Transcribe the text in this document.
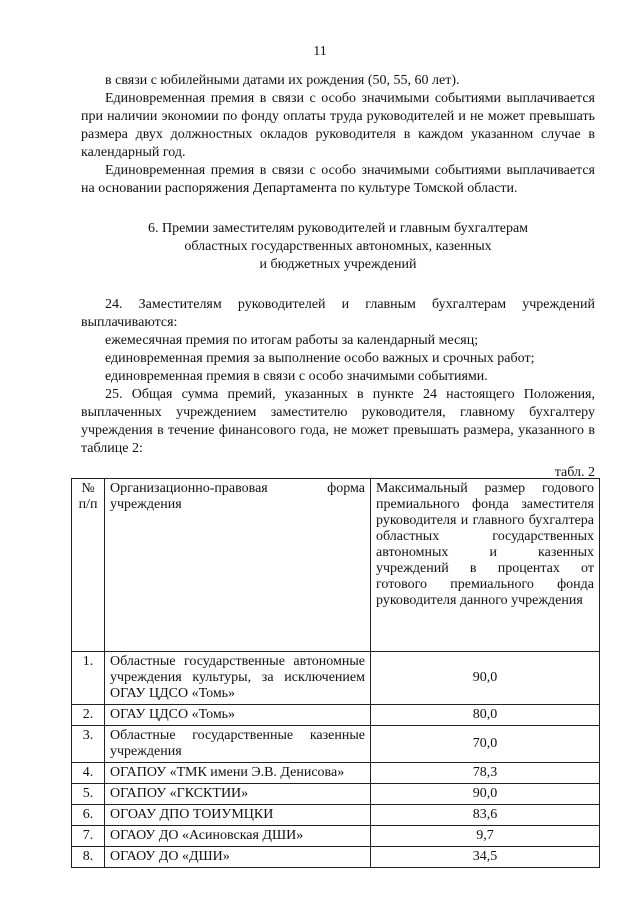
11

в связи с юбилейными датами их рождения (50, 55, 60 лет).

Единовременная премия в связи с особо значимыми событиями выплачивается при наличии экономии по фонду оплаты труда руководителей и не может превышать размера двух должностных окладов руководителя в каждом указанном случае в календарный год.

Единовременная премия в связи с особо значимыми событиями выплачивается на основании распоряжения Департамента по культуре Томской области.

6. Премии заместителям руководителей и главным бухгалтерам

областных государственных автономных, казенных

и бюджетных учреждений

24. Заместителям руководителей и главным бухгалтерам учреждений выплачиваются:

ежемесячная премия по итогам работы за календарный месяц;

единовременная премия за выполнение особо важных и срочных работ;

единовременная премия в связи с особо значимыми событиями.

25. Общая сумма премий, указанных в пункте 24 настоящего Положения, выплаченных учреждением заместителю руководителя, главному бухгалтеру учреждения в течение финансового года, не может превышать размера, указанного в таблице 2:

табл. 2

№ п/п	Организационно-правовая форма учреждения	Максимальный размер годового премиального фонда заместителя руководителя и главного бухгалтера областных государственных автономных и казенных учреждений в процентах от готового премиального фонда руководителя данного учреждения
1.	Областные государственные автономные учреждения культуры, за исключением ОГАУ ЦДСО «Томь»	90,0
2.	ОГАУ ЦДСО «Томь»	80,0
3.	Областные государственные казенные учреждения	70,0
4.	ОГАПОУ «ТМК имени Э.В. Денисова»	78,3
5.	ОГАПОУ «ГКСКТИИ»	90,0
6.	ОГОАУ ДПО ТОИУМЦКИ	83,6
7.	ОГАОУ ДО «Асиновская ДШИ»	9,7
8.	ОГАОУ ДО «ДШИ»	34,5
